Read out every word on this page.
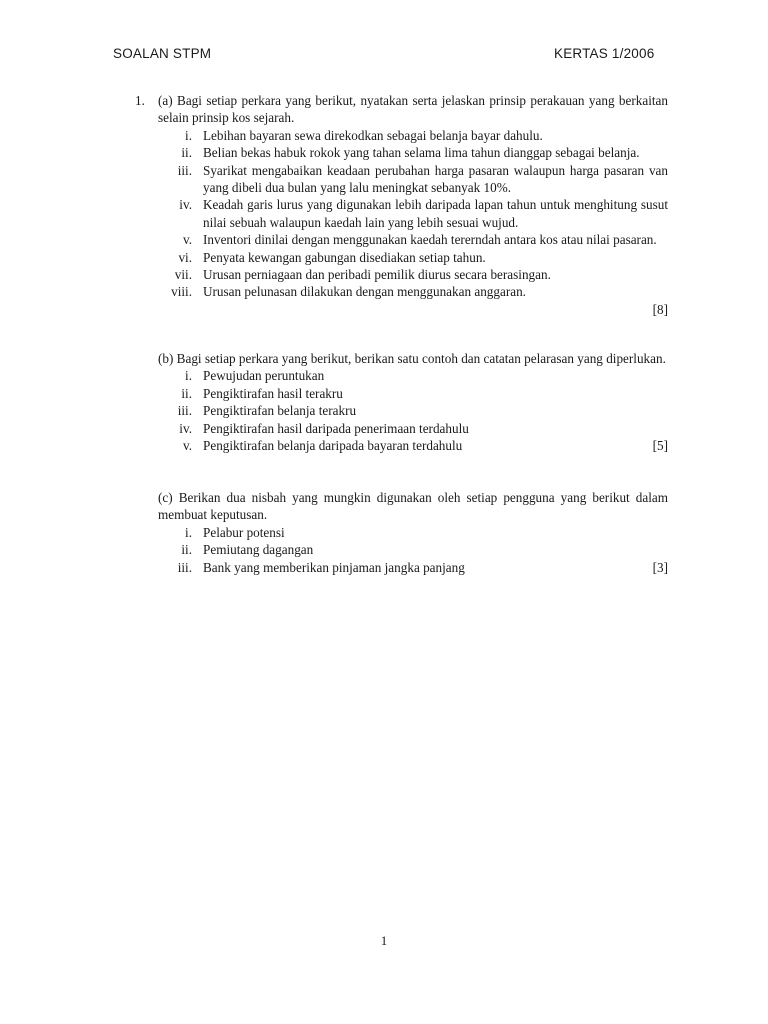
SOALAN STPM	KERTAS 1/2006
1. (a) Bagi setiap perkara yang berikut, nyatakan serta jelaskan prinsip perakauan yang berkaitan selain prinsip kos sejarah.
i. Lebihan bayaran sewa direkodkan sebagai belanja bayar dahulu.
ii. Belian bekas habuk rokok yang tahan selama lima tahun dianggap sebagai belanja.
iii. Syarikat mengabaikan keadaan perubahan harga pasaran walaupun harga pasaran van yang dibeli dua bulan yang lalu meningkat sebanyak 10%.
iv. Keadah garis lurus yang digunakan lebih daripada lapan tahun untuk menghitung susut nilai sebuah walaupun kaedah lain yang lebih sesuai wujud.
v. Inventori dinilai dengan menggunakan kaedah tererndah antara kos atau nilai pasaran.
vi. Penyata kewangan gabungan disediakan setiap tahun.
vii. Urusan perniagaan dan peribadi pemilik diurus secara berasingan.
viii. Urusan pelunasan dilakukan dengan menggunakan anggaran.
[8]
(b) Bagi setiap perkara yang berikut, berikan satu contoh dan catatan pelarasan yang diperlukan.
i. Pewujudan peruntukan
ii. Pengiktirafan hasil terakru
iii. Pengiktirafan belanja terakru
iv. Pengiktirafan hasil daripada penerimaan terdahulu
v. Pengiktirafan belanja daripada bayaran terdahulu	[5]
(c) Berikan dua nisbah yang mungkin digunakan oleh setiap pengguna yang berikut dalam membuat keputusan.
i. Pelabur potensi
ii. Pemiutang dagangan
iii. Bank yang memberikan pinjaman jangka panjang	[3]
1
